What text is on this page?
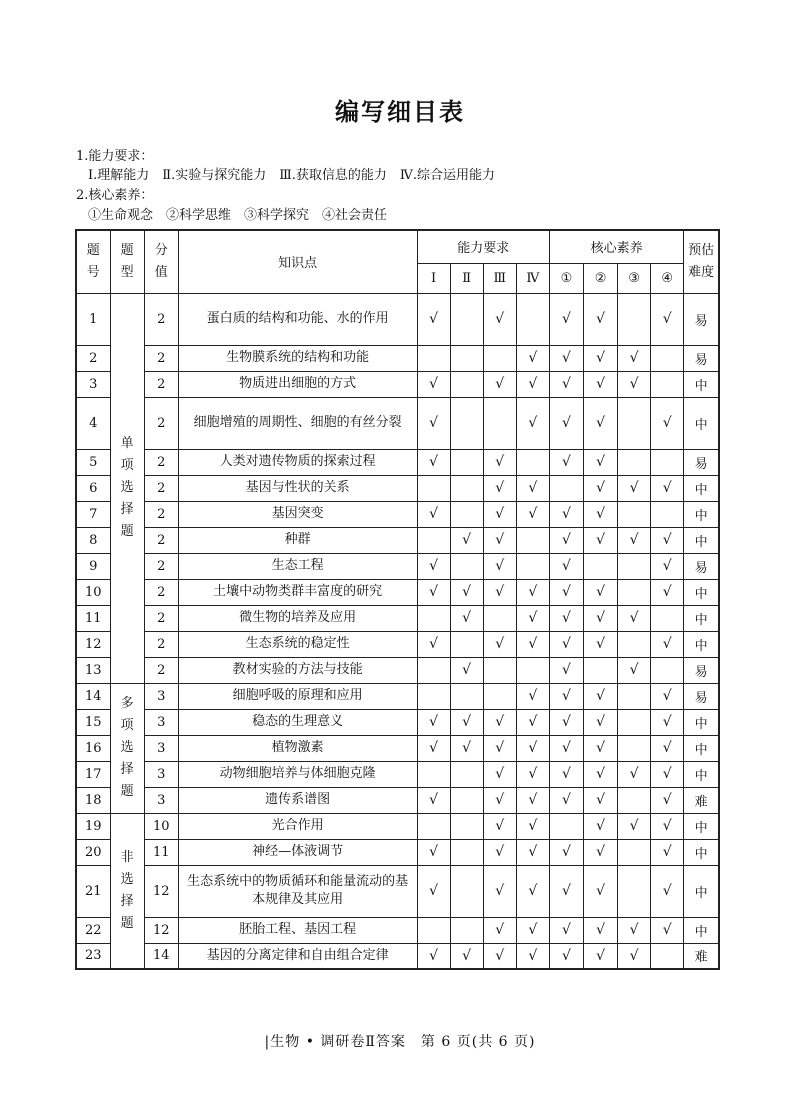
编写细目表
1.能力要求：
Ⅰ.理解能力　Ⅱ.实验与探究能力　Ⅲ.获取信息的能力　Ⅳ.综合运用能力
2.核心素养：
①生命观念　②科学思维　③科学探究　④社会责任
题号	题型	分值	知识点	能力要求				核心素养				预估难度
				Ⅰ	Ⅱ	Ⅲ	Ⅳ	①	②	③	④	
1	单项选择题	2	蛋白质的结构和功能、水的作用	√		√		√	√		√	易
2		2	生物膜系统的结构和功能				√	√	√	√		易
3		2	物质进出细胞的方式	√		√	√	√	√	√		中
4		2	细胞增殖的周期性、细胞的有丝分裂	√			√	√	√		√	中
5		2	人类对遗传物质的探索过程	√		√		√	√			易
6		2	基因与性状的关系			√	√		√	√	√	中
7		2	基因突变	√		√	√	√	√			中
8		2	种群		√	√		√	√	√	√	中
9		2	生态工程	√		√		√			√	易
10		2	土壤中动物类群丰富度的研究	√	√	√	√	√	√		√	中
11		2	微生物的培养及应用		√		√	√	√	√		中
12		2	生态系统的稳定性	√		√	√	√	√		√	中
13		2	教材实验的方法与技能		√			√		√		易
14	多项选择题	3	细胞呼吸的原理和应用				√	√	√		√	易
15		3	稳态的生理意义	√	√	√	√	√	√		√	中
16		3	植物激素	√	√	√	√	√	√		√	中
17		3	动物细胞培养与体细胞克隆			√	√	√	√	√	√	中
18		3	遗传系谱图	√		√	√	√	√		√	难
19	非选择题	10	光合作用			√	√		√	√	√	中
20		11	神经—体液调节	√		√	√	√	√		√	中
21		12	生态系统中的物质循环和能量流动的基本规律及其应用	√		√	√	√	√		√	中
22		12	胚胎工程、基因工程			√	√	√	√	√	√	中
23		14	基因的分离定律和自由组合定律	√	√	√	√	√	√	√		难
|生物 • 调研卷Ⅱ答案　第 6 页(共 6 页)
